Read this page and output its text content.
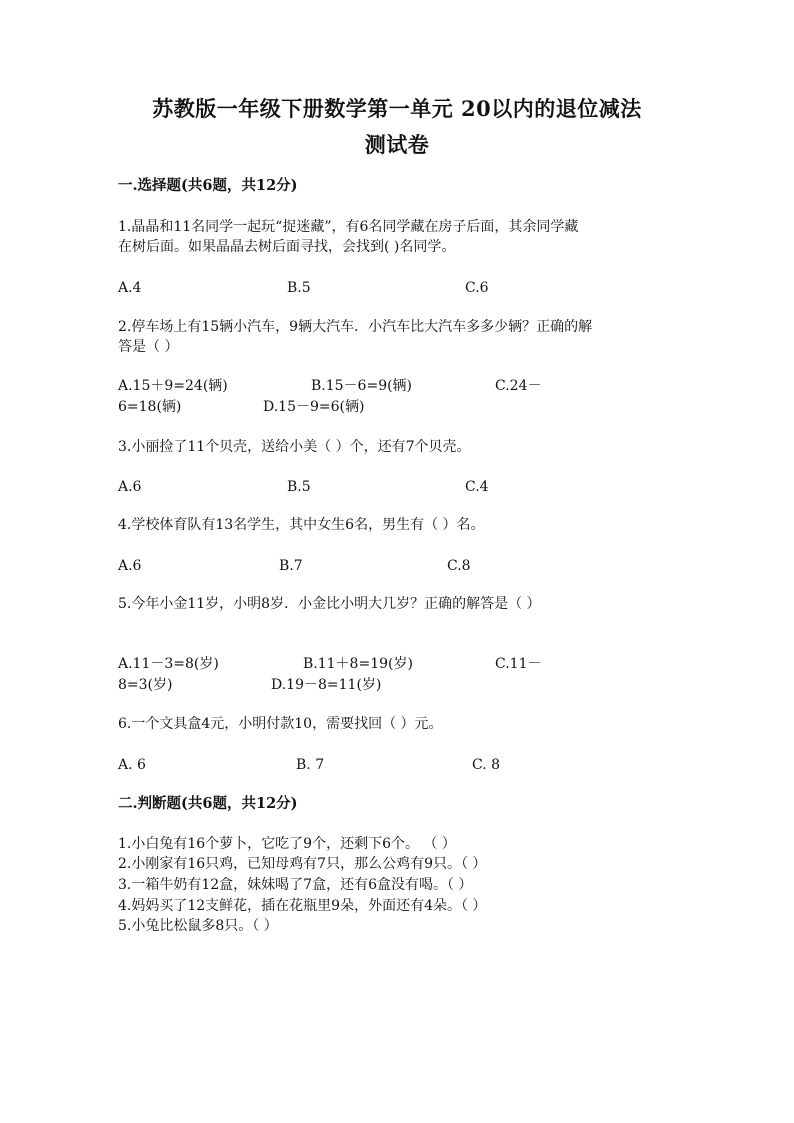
苏教版一年级下册数学第一单元 20以内的退位减法
测试卷
一.选择题(共6题，共12分)
1.晶晶和11名同学一起玩“捉迷藏”，有6名同学藏在房子后面，其余同学藏
在树后面。如果晶晶去树后面寻找，会找到( )名同学。
A.4	B.5	C.6
2.停车场上有15辆小汽车，9辆大汽车．小汽车比大汽车多多少辆？正确的解
答是（ ）
A.15＋9=24(辆)	B.15－6=9(辆)	C.24－
6=18(辆)	D.15－9=6(辆)
3.小丽捡了11个贝壳，送给小美（ ）个，还有7个贝壳。
A.6	B.5	C.4
4.学校体育队有13名学生，其中女生6名，男生有（ ）名。
A.6	B.7	C.8
5.今年小金11岁，小明8岁．小金比小明大几岁？正确的解答是（ ）
A.11－3=8(岁)	B.11＋8=19(岁)	C.11－
8=3(岁)	D.19－8=11(岁)
6.一个文具盒4元，小明付款10，需要找回（ ）元。
A. 6	B. 7	C. 8
二.判断题(共6题，共12分)
1.小白兔有16个萝卜，它吃了9个，还剩下6个。 （ ）
2.小刚家有16只鸡，已知母鸡有7只，那么公鸡有9只。（ ）
3.一箱牛奶有12盒，妹妹喝了7盒，还有6盒没有喝。（ ）
4.妈妈买了12支鲜花，插在花瓶里9朵，外面还有4朵。（ ）
5.小兔比松鼠多8只。（ ）
